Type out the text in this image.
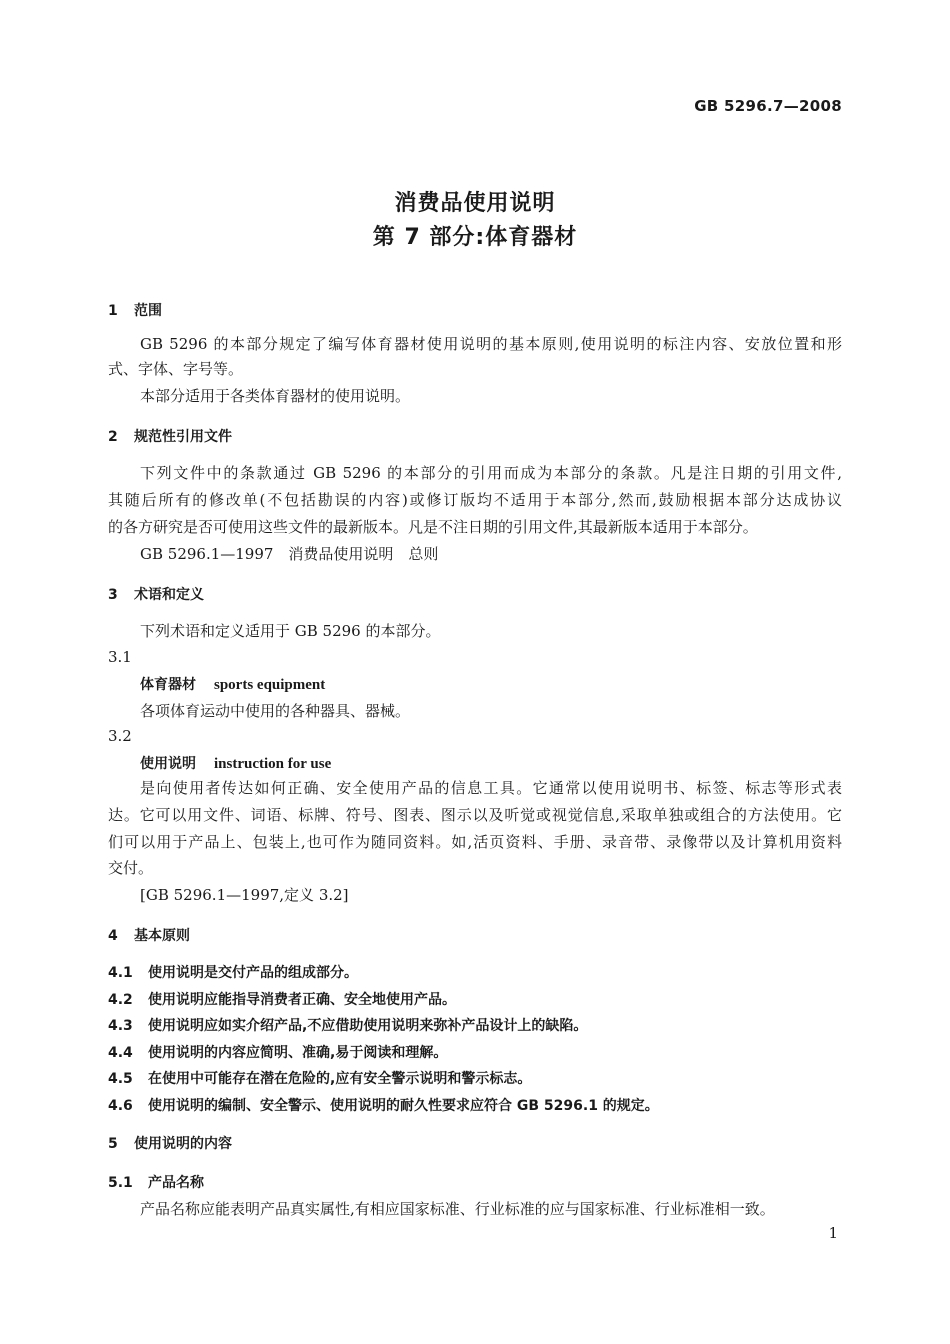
GB 5296.7—2008
消费品使用说明
第 7 部分:体育器材
1 范围
GB 5296 的本部分规定了编写体育器材使用说明的基本原则,使用说明的标注内容、安放位置和形
式、字体、字号等。
本部分适用于各类体育器材的使用说明。
2 规范性引用文件
下列文件中的条款通过 GB 5296 的本部分的引用而成为本部分的条款。凡是注日期的引用文件,
其随后所有的修改单(不包括勘误的内容)或修订版均不适用于本部分,然而,鼓励根据本部分达成协议
的各方研究是否可使用这些文件的最新版本。凡是不注日期的引用文件,其最新版本适用于本部分。
GB 5296.1—1997　消费品使用说明　总则
3 术语和定义
下列术语和定义适用于 GB 5296 的本部分。
3.1
体育器材 sports equipment
各项体育运动中使用的各种器具、器械。
3.2
使用说明 instruction for use
是向使用者传达如何正确、安全使用产品的信息工具。它通常以使用说明书、标签、标志等形式表
达。它可以用文件、词语、标牌、符号、图表、图示以及听觉或视觉信息,采取单独或组合的方法使用。它
们可以用于产品上、包装上,也可作为随同资料。如,活页资料、手册、录音带、录像带以及计算机用资料
交付。
[GB 5296.1—1997,定义 3.2]
4 基本原则
4.1 使用说明是交付产品的组成部分。
4.2 使用说明应能指导消费者正确、安全地使用产品。
4.3 使用说明应如实介绍产品,不应借助使用说明来弥补产品设计上的缺陷。
4.4 使用说明的内容应简明、准确,易于阅读和理解。
4.5 在使用中可能存在潜在危险的,应有安全警示说明和警示标志。
4.6 使用说明的编制、安全警示、使用说明的耐久性要求应符合 GB 5296.1 的规定。
5 使用说明的内容
5.1 产品名称
产品名称应能表明产品真实属性,有相应国家标准、行业标准的应与国家标准、行业标准相一致。
1
